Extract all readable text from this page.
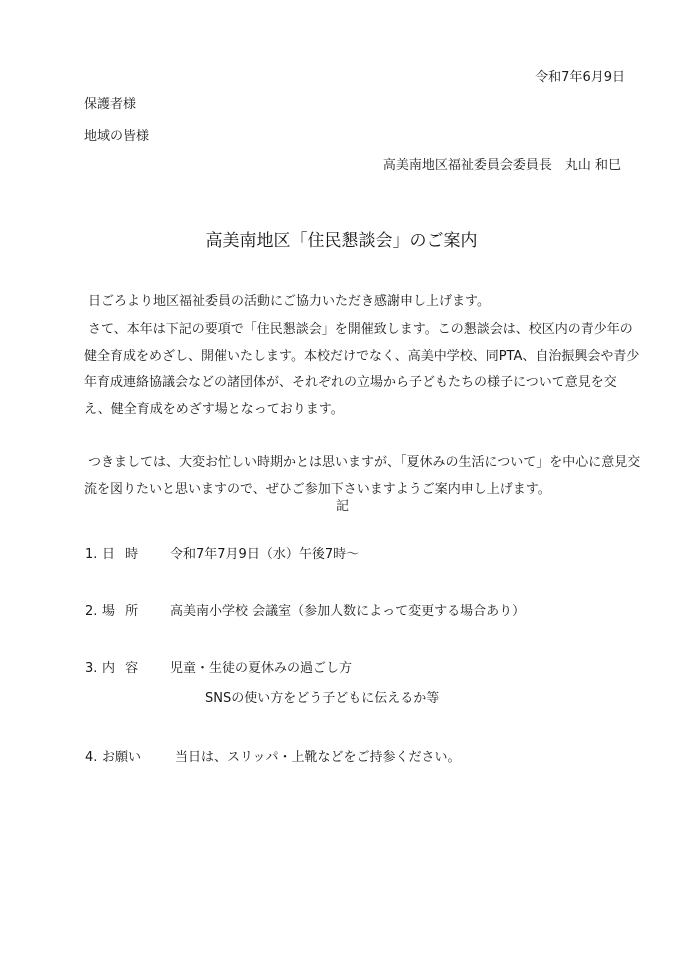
令和7年6月9日
保護者様
地域の皆様
高美南地区福祉委員会委員長　丸山 和巳
高美南地区「住民懇談会」のご案内
日ごろより地区福祉委員の活動にご協力いただき感謝申し上げます。
さて、本年は下記の要項で「住民懇談会」を開催致します。この懇談会は、校区内の青少年の
健全育成をめざし、開催いたします。本校だけでなく、高美中学校、同PTA、自治振興会や青少
年育成連絡協議会などの諸団体が、それぞれの立場から子どもたちの様子について意見を交
え、健全育成をめざす場となっております。
つきましては、大変お忙しい時期かとは思いますが、「夏休みの生活について」を中心に意見交
流を図りたいと思いますので、ぜひご参加下さいますようご案内申し上げます。
記
1. 日 時 令和7年7月9日（水）午後7時～
2. 場 所 高美南小学校 会議室（参加人数によって変更する場合あり）
3. 内 容 児童・生徒の夏休みの過ごし方
SNSの使い方をどう子どもに伝えるか等
4. お願い	当日は、スリッパ・上靴などをご持参ください。
